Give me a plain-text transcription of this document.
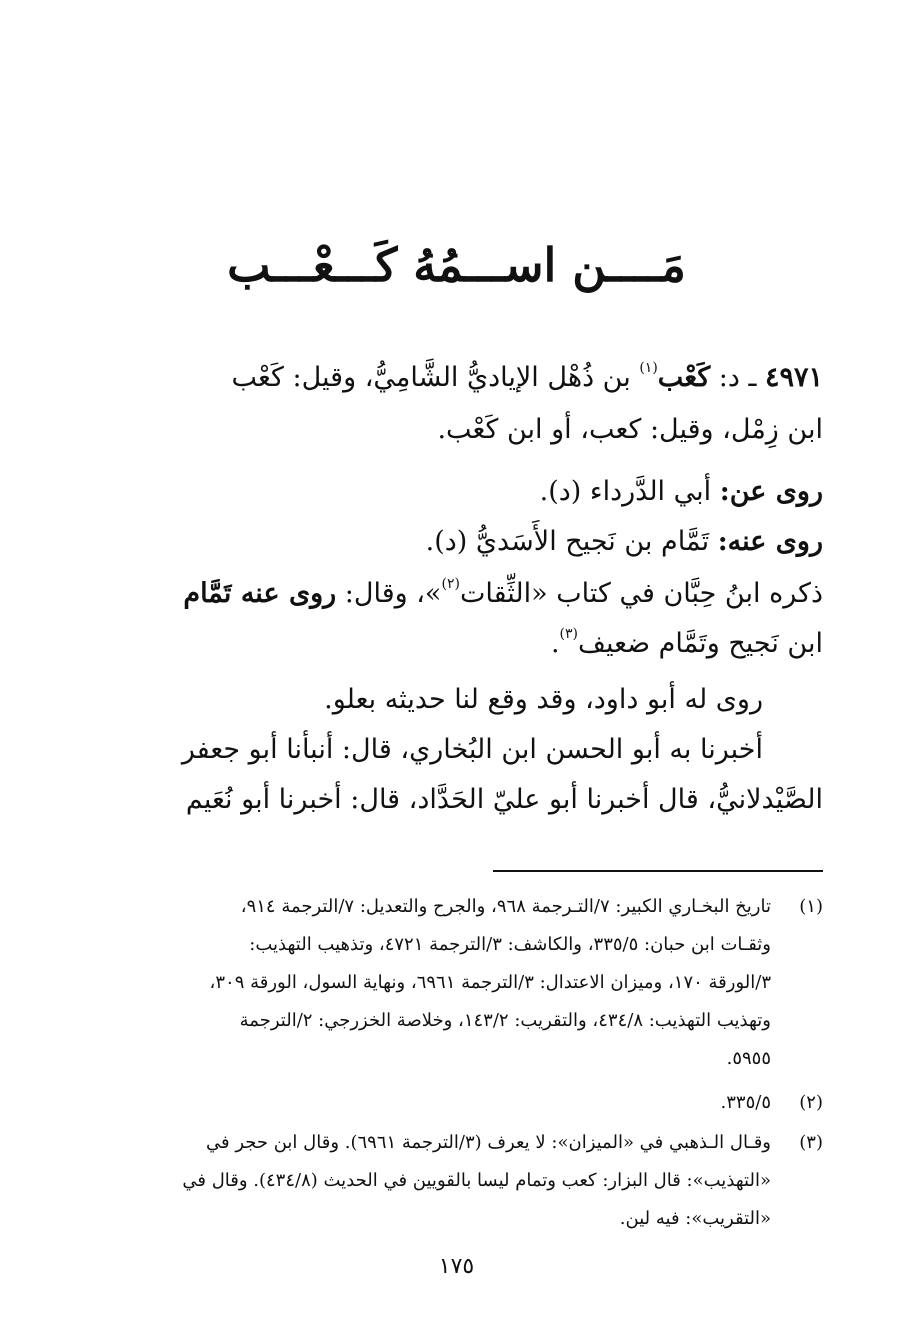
مَــــن اســـمُهُ كَـــعْـــب
٤٩٧١ ـ د: كَعْب$^{(١)}$ بن ذُهْل الإياديُّ الشَّامِيُّ، وقيل: كَعْب
ابن زِمْل، وقيل: كعب، أو ابن كَعْب.
روى عن: أبي الدَّرداء (د).
روى عنه: تَمَّام بن نَجيح الأَسَديُّ (د).
ذكره ابنُ حِبَّان في كتاب «الثِّقات$^{(٢)}$»، وقال: روى عنه تَمَّام
ابن نَجيح وتَمَّام ضعيف$^{(٣)}$.
روى له أبو داود، وقد وقع لنا حديثه بعلو.
أخبرنا به أبو الحسن ابن البُخاري، قال: أنبأنا أبو جعفر
الصَّيْدلانيُّ، قال أخبرنا أبو عليّ الحَدَّاد، قال: أخبرنا أبو نُعَيم
(١)
تاريخ البخـاري الكبير: ٧/التـرجمة ٩٦٨، والجرح والتعديل: ٧/الترجمة ٩١٤،
وثقـات ابن حبان: ٣٣٥/٥، والكاشف: ٣/الترجمة ٤٧٢١، وتذهيب التهذيب:
٣/الورقة ١٧٠، وميزان الاعتدال: ٣/الترجمة ٦٩٦١، ونهاية السول، الورقة ٣٠٩،
وتهذيب التهذيب: ٤٣٤/٨، والتقريب: ١٤٣/٢، وخلاصة الخزرجي: ٢/الترجمة
٥٩٥٥.
(٢)
٣٣٥/٥.
(٣)
وقـال الـذهبي في «الميزان»: لا يعرف (٣/الترجمة ٦٩٦١). وقال ابن حجر في
«التهذيب»: قال البزار: كعب وتمام ليسا بالقويين في الحديث (٤٣٤/٨). وقال في
«التقريب»: فيه لين.
١٧٥
